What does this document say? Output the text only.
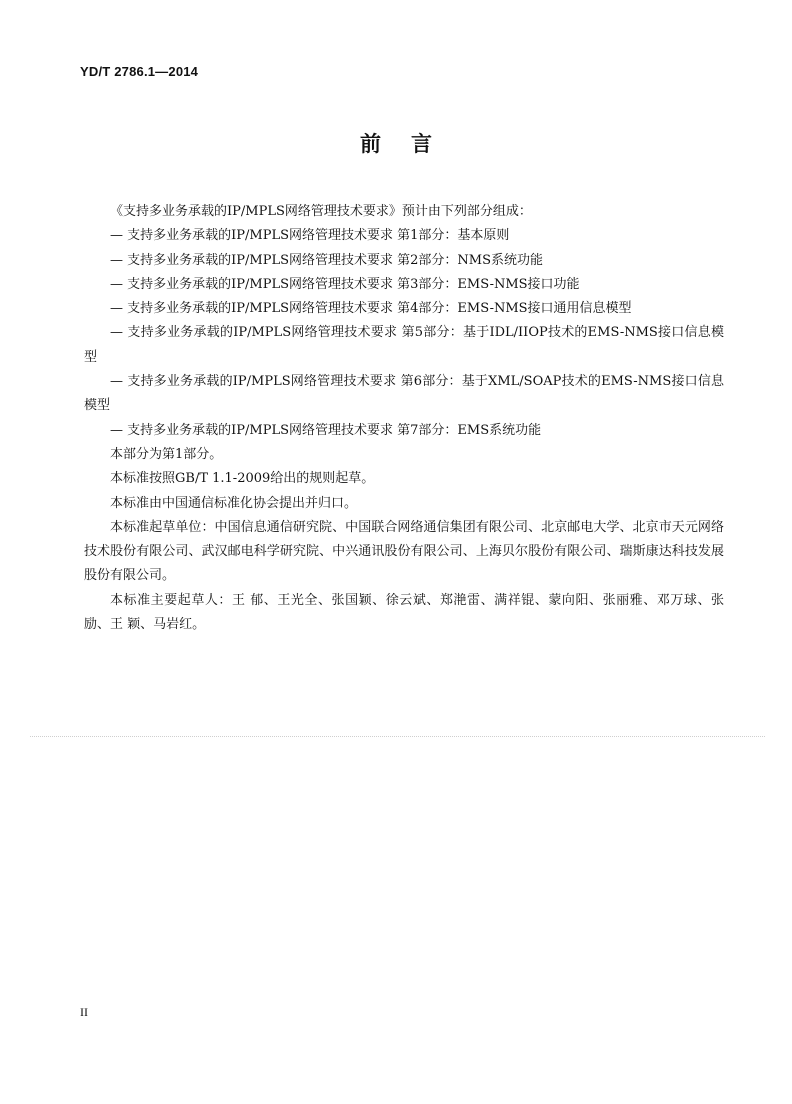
YD/T 2786.1—2014
前言

《支持多业务承载的IP/MPLS网络管理技术要求》预计由下列部分组成：

— 支持多业务承载的IP/MPLS网络管理技术要求 第1部分：基本原则

— 支持多业务承载的IP/MPLS网络管理技术要求 第2部分：NMS系统功能

— 支持多业务承载的IP/MPLS网络管理技术要求 第3部分：EMS-NMS接口功能

— 支持多业务承载的IP/MPLS网络管理技术要求 第4部分：EMS-NMS接口通用信息模型

— 支持多业务承载的IP/MPLS网络管理技术要求 第5部分：基于IDL/IIOP技术的EMS-NMS接口信息模型

— 支持多业务承载的IP/MPLS网络管理技术要求 第6部分：基于XML/SOAP技术的EMS-NMS接口信息模型

— 支持多业务承载的IP/MPLS网络管理技术要求 第7部分：EMS系统功能

本部分为第1部分。

本标准按照GB/T 1.1-2009给出的规则起草。

本标准由中国通信标准化协会提出并归口。

本标准起草单位：中国信息通信研究院、中国联合网络通信集团有限公司、北京邮电大学、北京市天元网络技术股份有限公司、武汉邮电科学研究院、中兴通讯股份有限公司、上海贝尔股份有限公司、瑞斯康达科技发展股份有限公司。

本标准主要起草人：王 郁、王光全、张国颖、徐云斌、郑滟雷、满祥锟、蒙向阳、张丽雅、邓万球、张 励、王 颖、马岩红。

II
